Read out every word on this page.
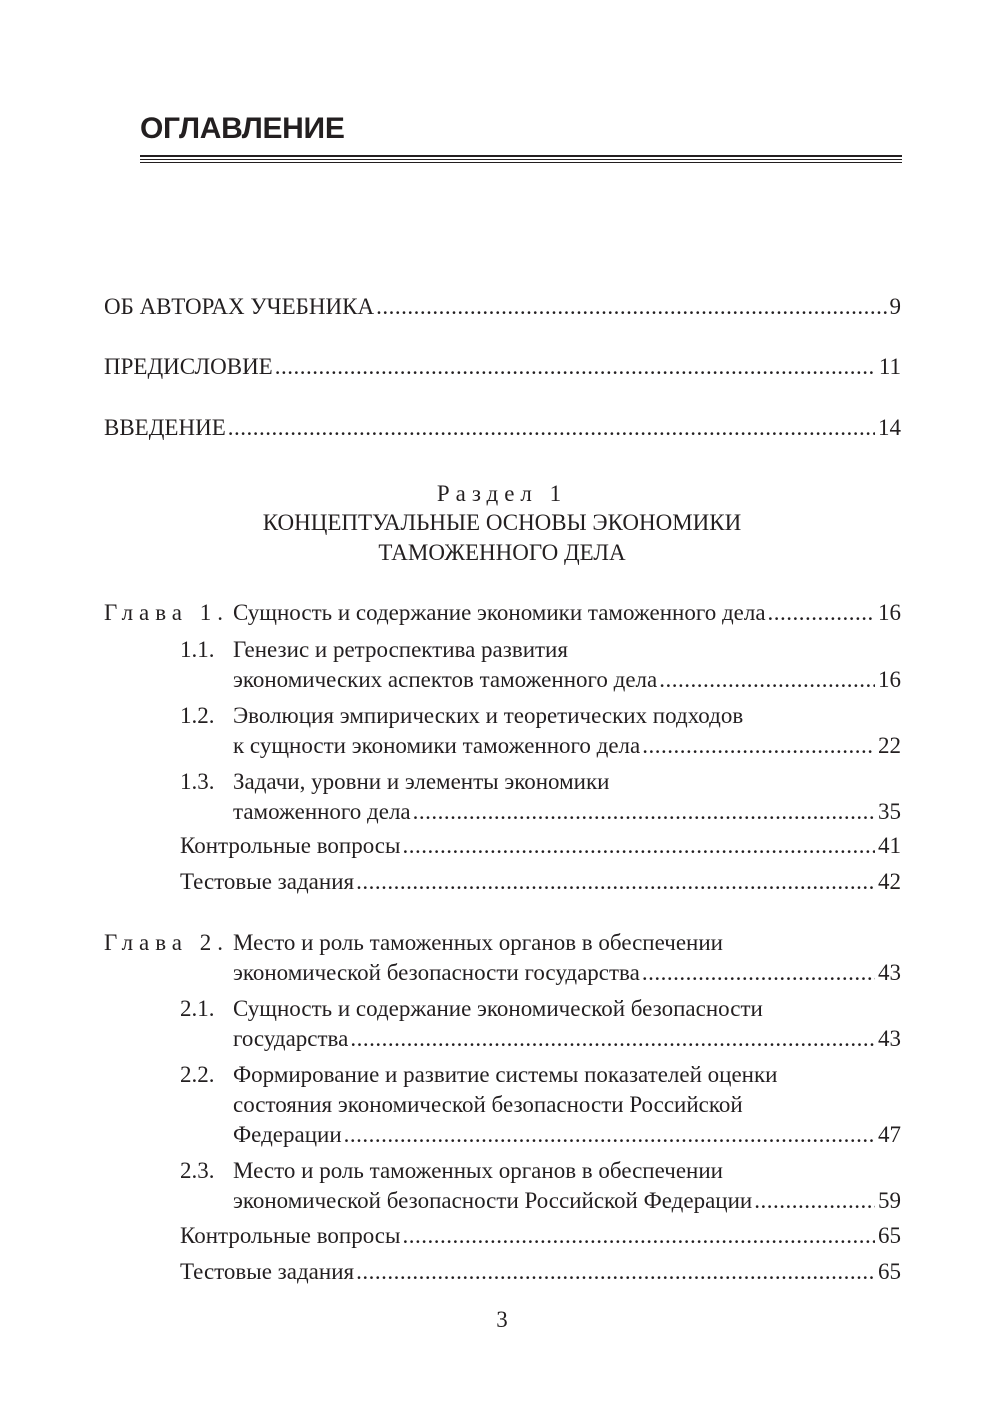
ОГЛАВЛЕНИЕ
ОБ АВТОРАХ УЧЕБНИКА .....	9
ПРЕДИСЛОВИЕ .....	11
ВВЕДЕНИЕ .....	14

Раздел 1

КОНЦЕПТУАЛЬНЫЕ ОСНОВЫ ЭКОНОМИКИ

ТАМОЖЕННОГО ДЕЛА

Глава 1. Сущность и содержание экономики таможенного дела .....	16
1.1. Генезис и ретроспектива развития
экономических аспектов таможенного дела .....	16
1.2. Эволюция эмпирических и теоретических подходов
к сущности экономики таможенного дела .....	22
1.3. Задачи, уровни и элементы экономики
таможенного дела .....	35
Контрольные вопросы .....	41
Тестовые задания .....	42
Глава 2. Место и роль таможенных органов в обеспечении
экономической безопасности государства .....	43
2.1. Сущность и содержание экономической безопасности
государства .....	43
2.2. Формирование и развитие системы показателей оценки
состояния экономической безопасности Российской
Федерации .....	47
2.3. Место и роль таможенных органов в обеспечении
экономической безопасности Российской Федерации .....	59
Контрольные вопросы .....	65
Тестовые задания .....	65
3
